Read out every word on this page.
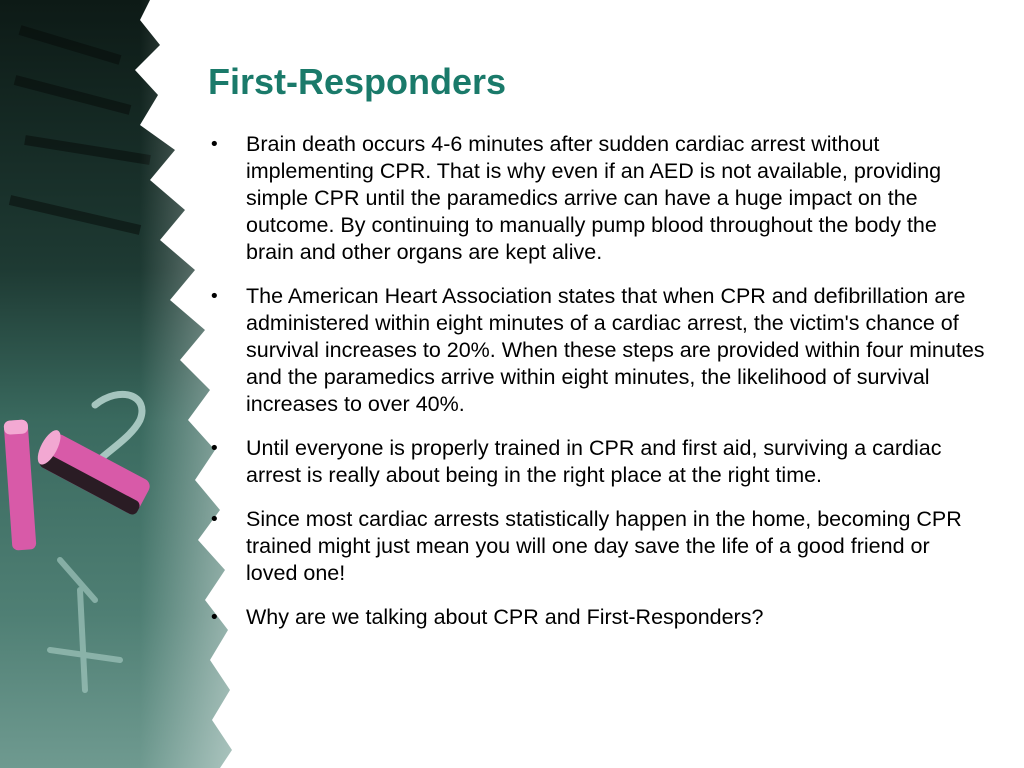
First-Responders
•	Brain death occurs 4-6 minutes after sudden cardiac arrest without implementing CPR. That is why even if an AED is not available, providing simple CPR until the paramedics arrive can have a huge impact on the outcome. By continuing to manually pump blood throughout the body the brain and other organs are kept alive.
•	The American Heart Association states that when CPR and defibrillation are administered within eight minutes of a cardiac arrest, the victim's chance of survival increases to 20%. When these steps are provided within four minutes and the paramedics arrive within eight minutes, the likelihood of survival increases to over 40%.
•	Until everyone is properly trained in CPR and first aid, surviving a cardiac arrest is really about being in the right place at the right time.
•	Since most cardiac arrests statistically happen in the home, becoming CPR trained might just mean you will one day save the life of a good friend or loved one!
•	Why are we talking about CPR and First-Responders?
